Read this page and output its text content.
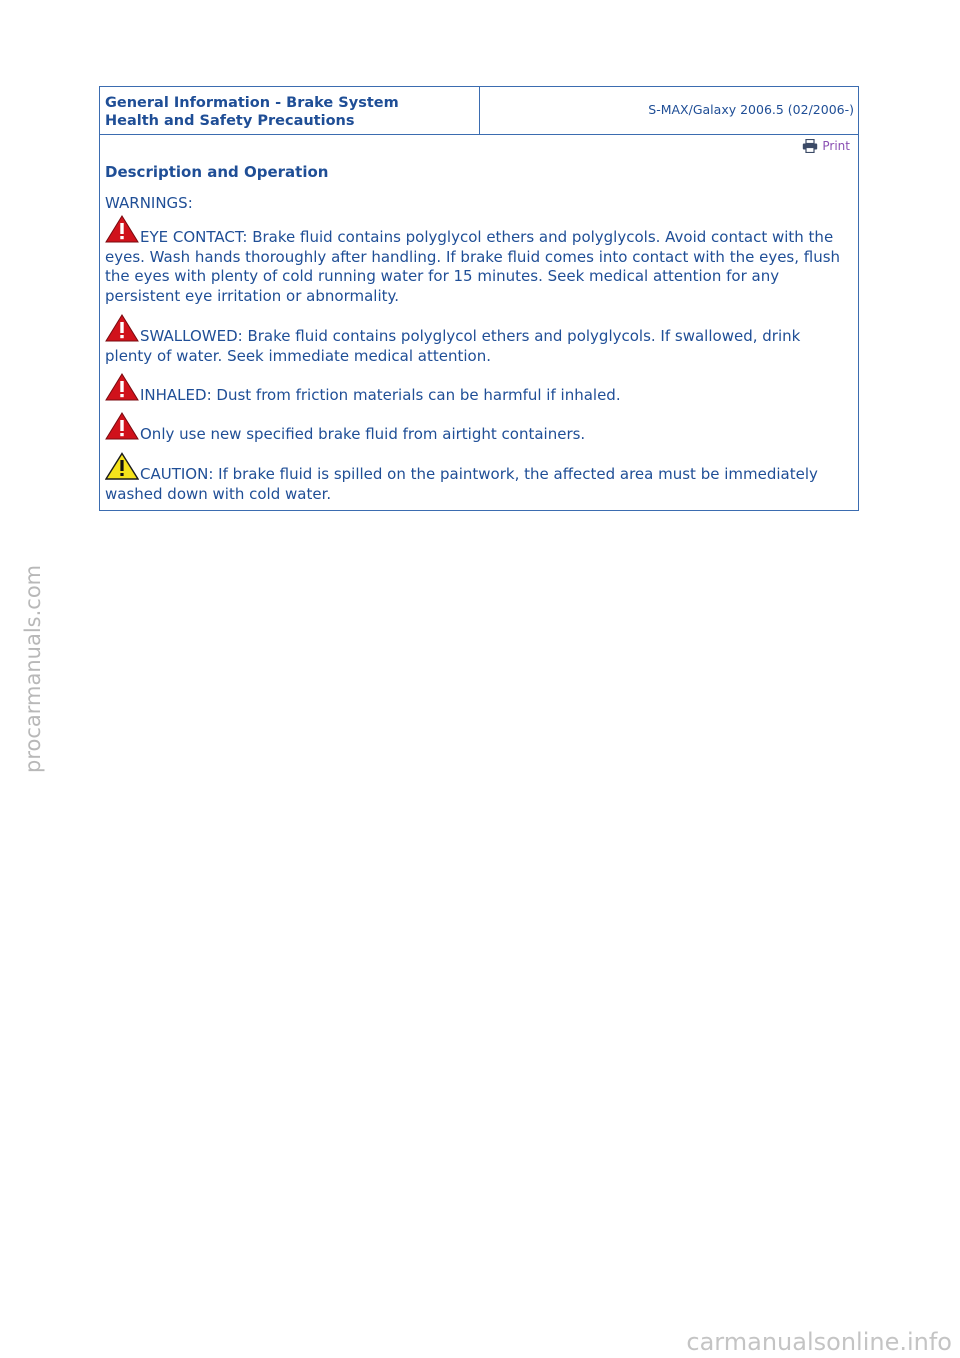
General Information - Brake System
Health and Safety Precautions
S-MAX/Galaxy 2006.5 (02/2006-)
Print
Description and Operation
WARNINGS:
EYE CONTACT: Brake fluid contains polyglycol ethers and polyglycols. Avoid contact with the eyes. Wash hands thoroughly after handling. If brake fluid comes into contact with the eyes, flush the eyes with plenty of cold running water for 15 minutes. Seek medical attention for any persistent eye irritation or abnormality.
SWALLOWED: Brake fluid contains polyglycol ethers and polyglycols. If swallowed, drink plenty of water. Seek immediate medical attention.
INHALED: Dust from friction materials can be harmful if inhaled.
Only use new specified brake fluid from airtight containers.
CAUTION: If brake fluid is spilled on the paintwork, the affected area must be immediately washed down with cold water.
procarmanuals.com
carmanualsonline.info
